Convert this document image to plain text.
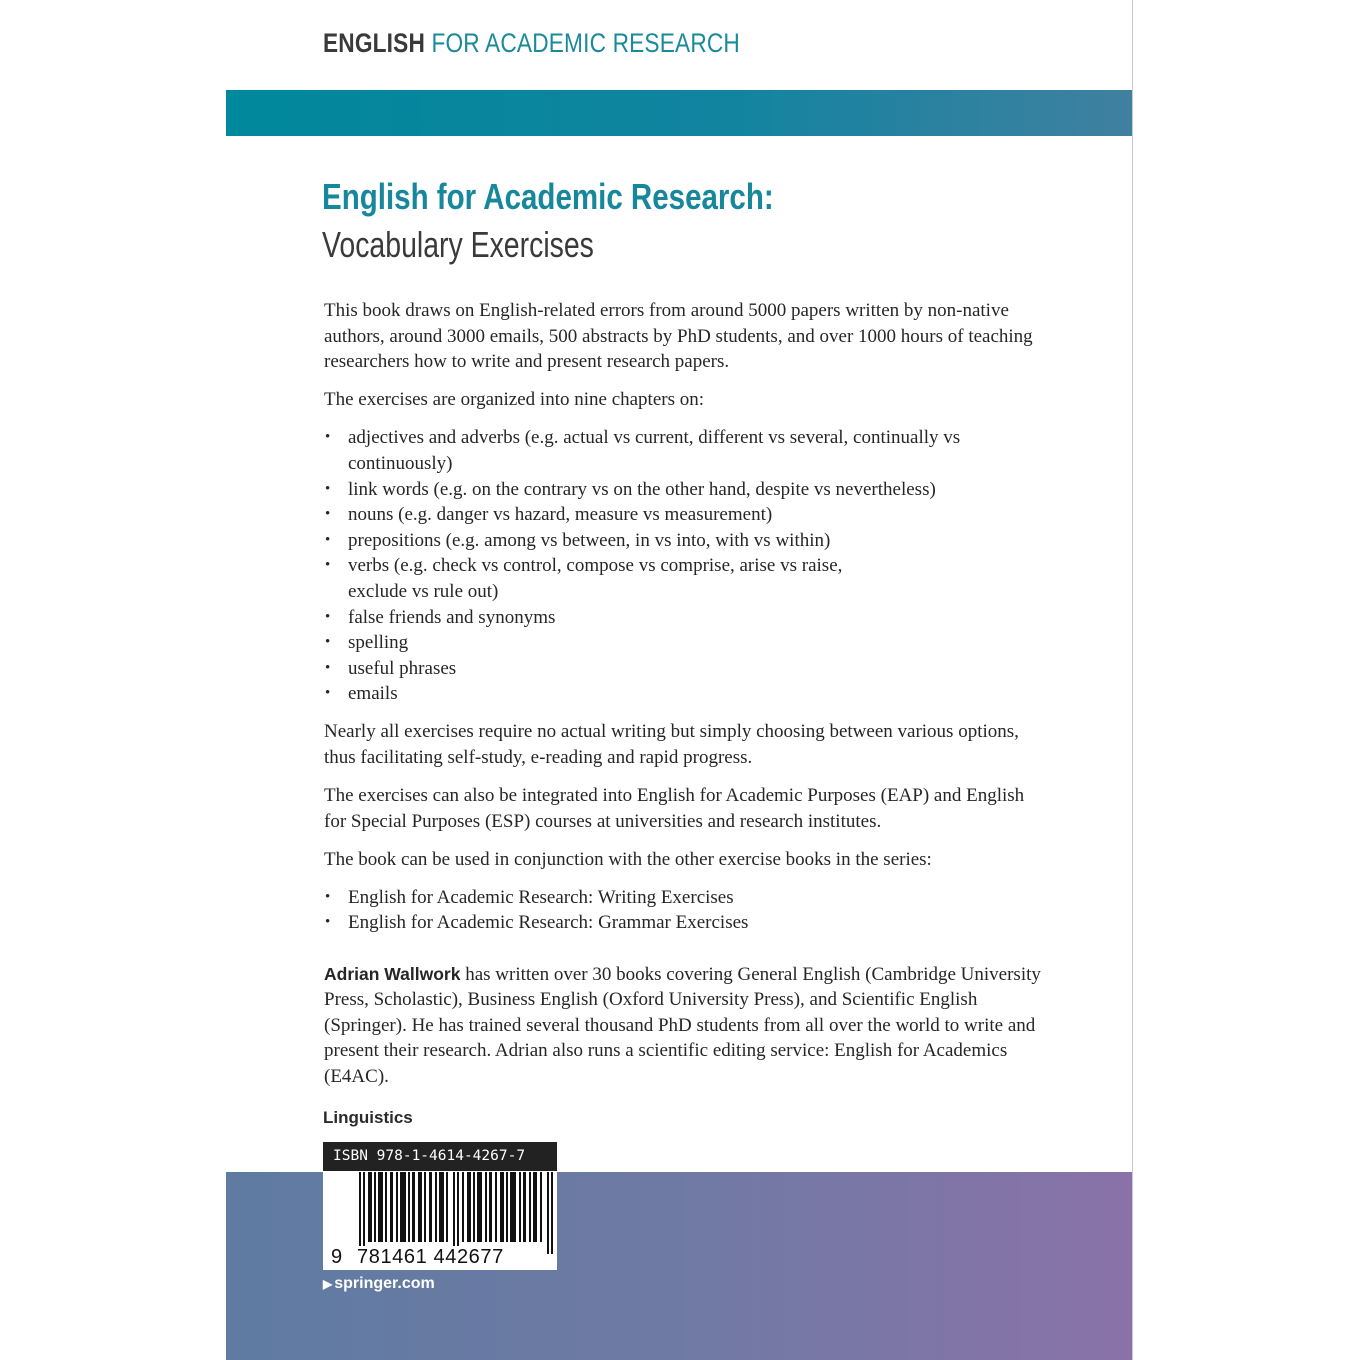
ENGLISH FOR ACADEMIC RESEARCH
English for Academic Research:
Vocabulary Exercises

This book draws on English-related errors from around 5000 papers written by non-native authors, around 3000 emails, 500 abstracts by PhD students, and over 1000 hours of teaching researchers how to write and present research papers.

The exercises are organized into nine chapters on:

• adjectives and adverbs (e.g. actual vs current, different vs several, continually vs continuously)
• link words (e.g. on the contrary vs on the other hand, despite vs nevertheless)
• nouns (e.g. danger vs hazard, measure vs measurement)
• prepositions (e.g. among vs between, in vs into, with vs within)
• verbs (e.g. check vs control, compose vs comprise, arise vs raise, exclude vs rule out)
• false friends and synonyms
• spelling
• useful phrases
• emails

Nearly all exercises require no actual writing but simply choosing between various options, thus facilitating self-study, e-reading and rapid progress.

The exercises can also be integrated into English for Academic Purposes (EAP) and English for Special Purposes (ESP) courses at universities and research institutes.

The book can be used in conjunction with the other exercise books in the series:

• English for Academic Research: Writing Exercises
• English for Academic Research: Grammar Exercises

Adrian Wallwork has written over 30 books covering General English (Cambridge University Press, Scholastic), Business English (Oxford University Press), and Scientific English (Springer). He has trained several thousand PhD students from all over the world to write and present their research. Adrian also runs a scientific editing service: English for Academics (E4AC).

Linguistics
ISBN 978-1-4614-4267-7
9 781461 442677
▶ springer.com
